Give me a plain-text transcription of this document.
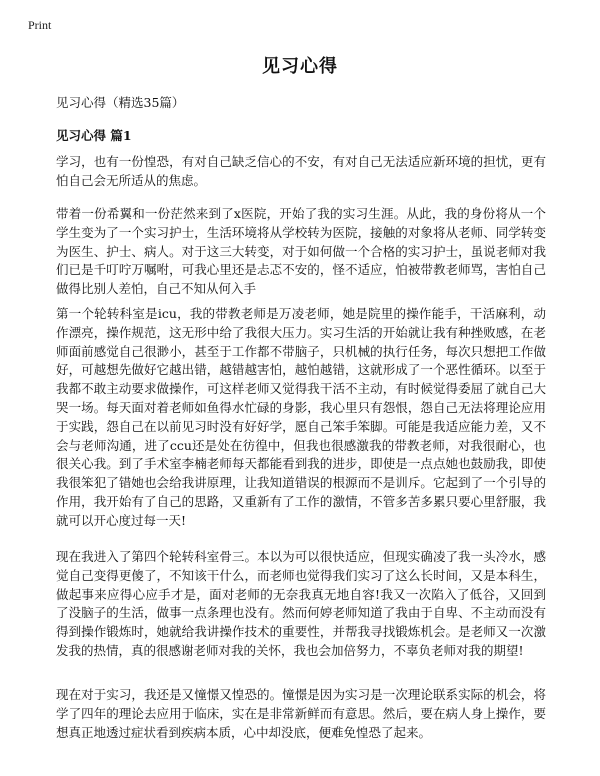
Print
见习心得
见习心得（精选35篇）
见习心得 篇1

学习，也有一份惶恐，有对自己缺乏信心的不安，有对自己无法适应新环境的担忧，更有怕自己会无所适从的焦虑。

带着一份希翼和一份茫然来到了x医院，开始了我的实习生涯。从此，我的身份将从一个学生变为了一个实习护士，生活环境将从学校转为医院，接触的对象将从老师、同学转变为医生、护士、病人。对于这三大转变，对于如何做一个合格的实习护士，虽说老师对我们已是千叮咛万嘱咐，可我心里还是忐忑不安的，怪不适应，怕被带教老师骂，害怕自己做得比别人差怕，自己不知从何入手

第一个轮转科室是icu，我的带教老师是万凌老师，她是院里的操作能手，干活麻利，动作漂亮，操作规范，这无形中给了我很大压力。实习生活的开始就让我有种挫败感，在老师面前感觉自己很渺小，甚至于工作都不带脑子，只机械的执行任务，每次只想把工作做好，可越想先做好它越出错，越错越害怕，越怕越错，这就形成了一个恶性循环。以至于我都不敢主动要求做操作，可这样老师又觉得我干活不主动，有时候觉得委屈了就自己大哭一场。每天面对着老师如鱼得水忙碌的身影，我心里只有怨恨，怨自己无法将理论应用于实践，怨自己在以前见习时没有好好学，愿自己笨手笨脚。可能是我适应能力差，又不会与老师沟通，进了ccu还是处在彷徨中，但我也很感激我的带教老师，对我很耐心，也很关心我。到了手术室李楠老师每天都能看到我的进步，即使是一点点她也鼓励我，即使我很笨犯了错她也会给我讲原理，让我知道错误的根源而不是训斥。它起到了一个引导的作用，我开始有了自己的思路，又重新有了工作的激情，不管多苦多累只要心里舒服，我就可以开心度过每一天!

现在我进入了第四个轮转科室骨三。本以为可以很快适应，但现实确凌了我一头冷水，感觉自己变得更傻了，不知该干什么，而老师也觉得我们实习了这么长时间，又是本科生，做起事来应得心应手才是，面对老师的无奈我真无地自容!我又一次陷入了低谷，又回到了没脑子的生活，做事一点条理也没有。然而何婷老师知道了我由于自卑、不主动而没有得到操作锻炼时，她就给我讲操作技术的重要性，并帮我寻找锻炼机会。是老师又一次激发我的热情，真的很感谢老师对我的关怀，我也会加倍努力，不辜负老师对我的期望!

现在对于实习，我还是又憧憬又惶恐的。憧憬是因为实习是一次理论联系实际的机会，将学了四年的理论去应用于临床，实在是非常新鲜而有意思。然后，要在病人身上操作，要想真正地透过症状看到疾病本质，心中却没底，便难免惶恐了起来。
